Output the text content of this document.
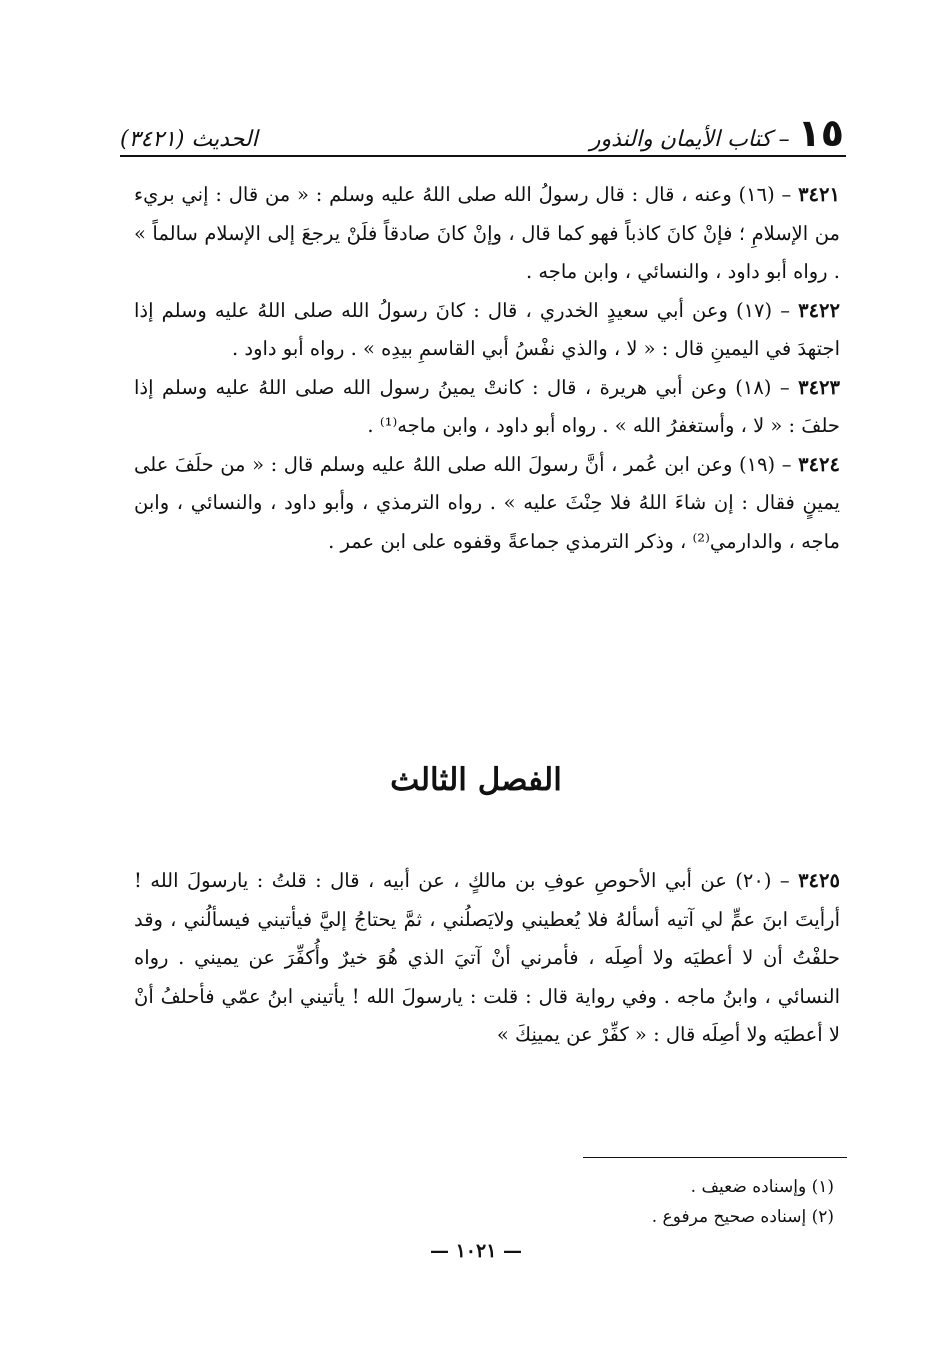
١٥
– كتاب الأيمان والنذور
الحديث (٣٤٢١)

٣٤٢١ – (١٦) وعنه ، قال : قال رسولُ الله صلى اللهُ عليه وسلم : « من قال : إني بريء من الإسلامِ ؛ فإنْ كانَ كاذباً فهو كما قال ، وإنْ كانَ صادقاً فلَنْ يرجعَ إلى الإسلام سالماً » . رواه أبو داود ، والنسائي ، وابن ماجه .

٣٤٢٢ – (١٧) وعن أبي سعيدٍ الخدري ، قال : كانَ رسولُ الله صلى اللهُ عليه وسلم إذا اجتهدَ في اليمينِ قال : « لا ، والذي نفْسُ أبي القاسمِ بيدِه » . رواه أبو داود .

٣٤٢٣ – (١٨) وعن أبي هريرة ، قال : كانتْ يمينُ رسول الله صلى اللهُ عليه وسلم إذا حلفَ : « لا ، وأستغفرُ الله » . رواه أبو داود ، وابن ماجه⁽¹⁾ .

٣٤٢٤ – (١٩) وعن ابن عُمر ، أنَّ رسولَ الله صلى اللهُ عليه وسلم قال : « من حلَفَ على يمينٍ فقال : إن شاءَ اللهُ فلا حِنْثَ عليه » . رواه الترمذي ، وأبو داود ، والنسائي ، وابن ماجه ، والدارمي⁽²⁾ ، وذكر الترمذي جماعةً وقفوه على ابن عمر .

الفصل الثالث

٣٤٢٥ – (٢٠) عن أبي الأحوصِ عوفِ بن مالكٍ ، عن أبيه ، قال : قلتُ : يارسولَ الله ! أرأيتَ ابنَ عمٍّ لي آتيه أسألهُ فلا يُعطيني ولايَصلُني ، ثمَّ يحتاجُ إليَّ فيأتيني فيسألُني ، وقد حلفْتُ أن لا أعطيَه ولا أصِلَه ، فأمرني أنْ آتيَ الذي هُوَ خيرٌ وأُكفِّرَ عن يميني . رواه النسائي ، وابنُ ماجه . وفي رواية قال : قلت : يارسولَ الله ! يأتيني ابنُ عمّي فأحلفُ أنْ لا أعطيَه ولا أصِلَه قال : « كفِّرْ عن يمينِكَ »

(١) وإسناده ضعيف .
(٢) إسناده صحيح مرفوع .
— ١٠٢١ —
